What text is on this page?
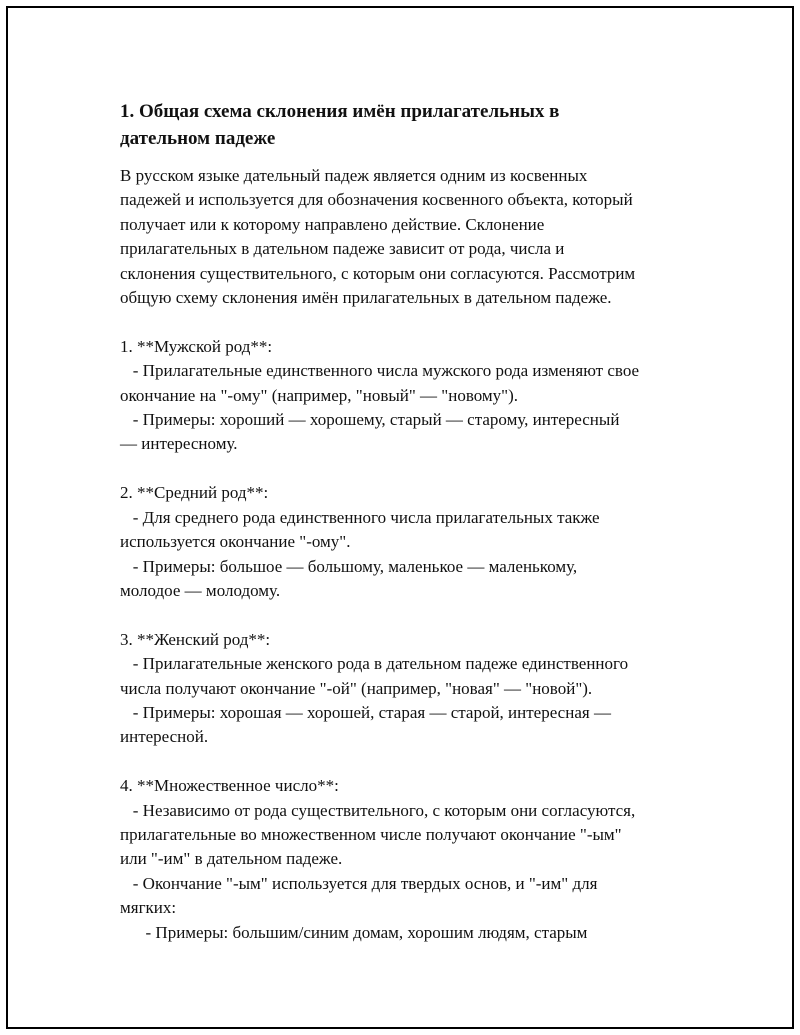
1. Общая схема склонения имён прилагательных в
дательном падеже
В русском языке дательный падеж является одним из косвенных
падежей и используется для обозначения косвенного объекта, который
получает или к которому направлено действие. Склонение
прилагательных в дательном падеже зависит от рода, числа и
склонения существительного, с которым они согласуются. Рассмотрим
общую схему склонения имён прилагательных в дательном падеже.

1. **Мужской род**:
- Прилагательные единственного числа мужского рода изменяют свое
окончание на "-ому" (например, "новый" — "новому").
- Примеры: хороший — хорошему, старый — старому, интересный
— интересному.

2. **Средний род**:
- Для среднего рода единственного числа прилагательных также
используется окончание "-ому".
- Примеры: большое — большому, маленькое — маленькому,
молодое — молодому.

3. **Женский род**:
- Прилагательные женского рода в дательном падеже единственного
числа получают окончание "-ой" (например, "новая" — "новой").
- Примеры: хорошая — хорошей, старая — старой, интересная —
интересной.

4. **Множественное число**:
- Независимо от рода существительного, с которым они согласуются,
прилагательные во множественном числе получают окончание "-ым"
или "-им" в дательном падеже.
- Окончание "-ым" используется для твердых основ, и "-им" для
мягких:
- Примеры: большим/синим домам, хорошим людям, старым
